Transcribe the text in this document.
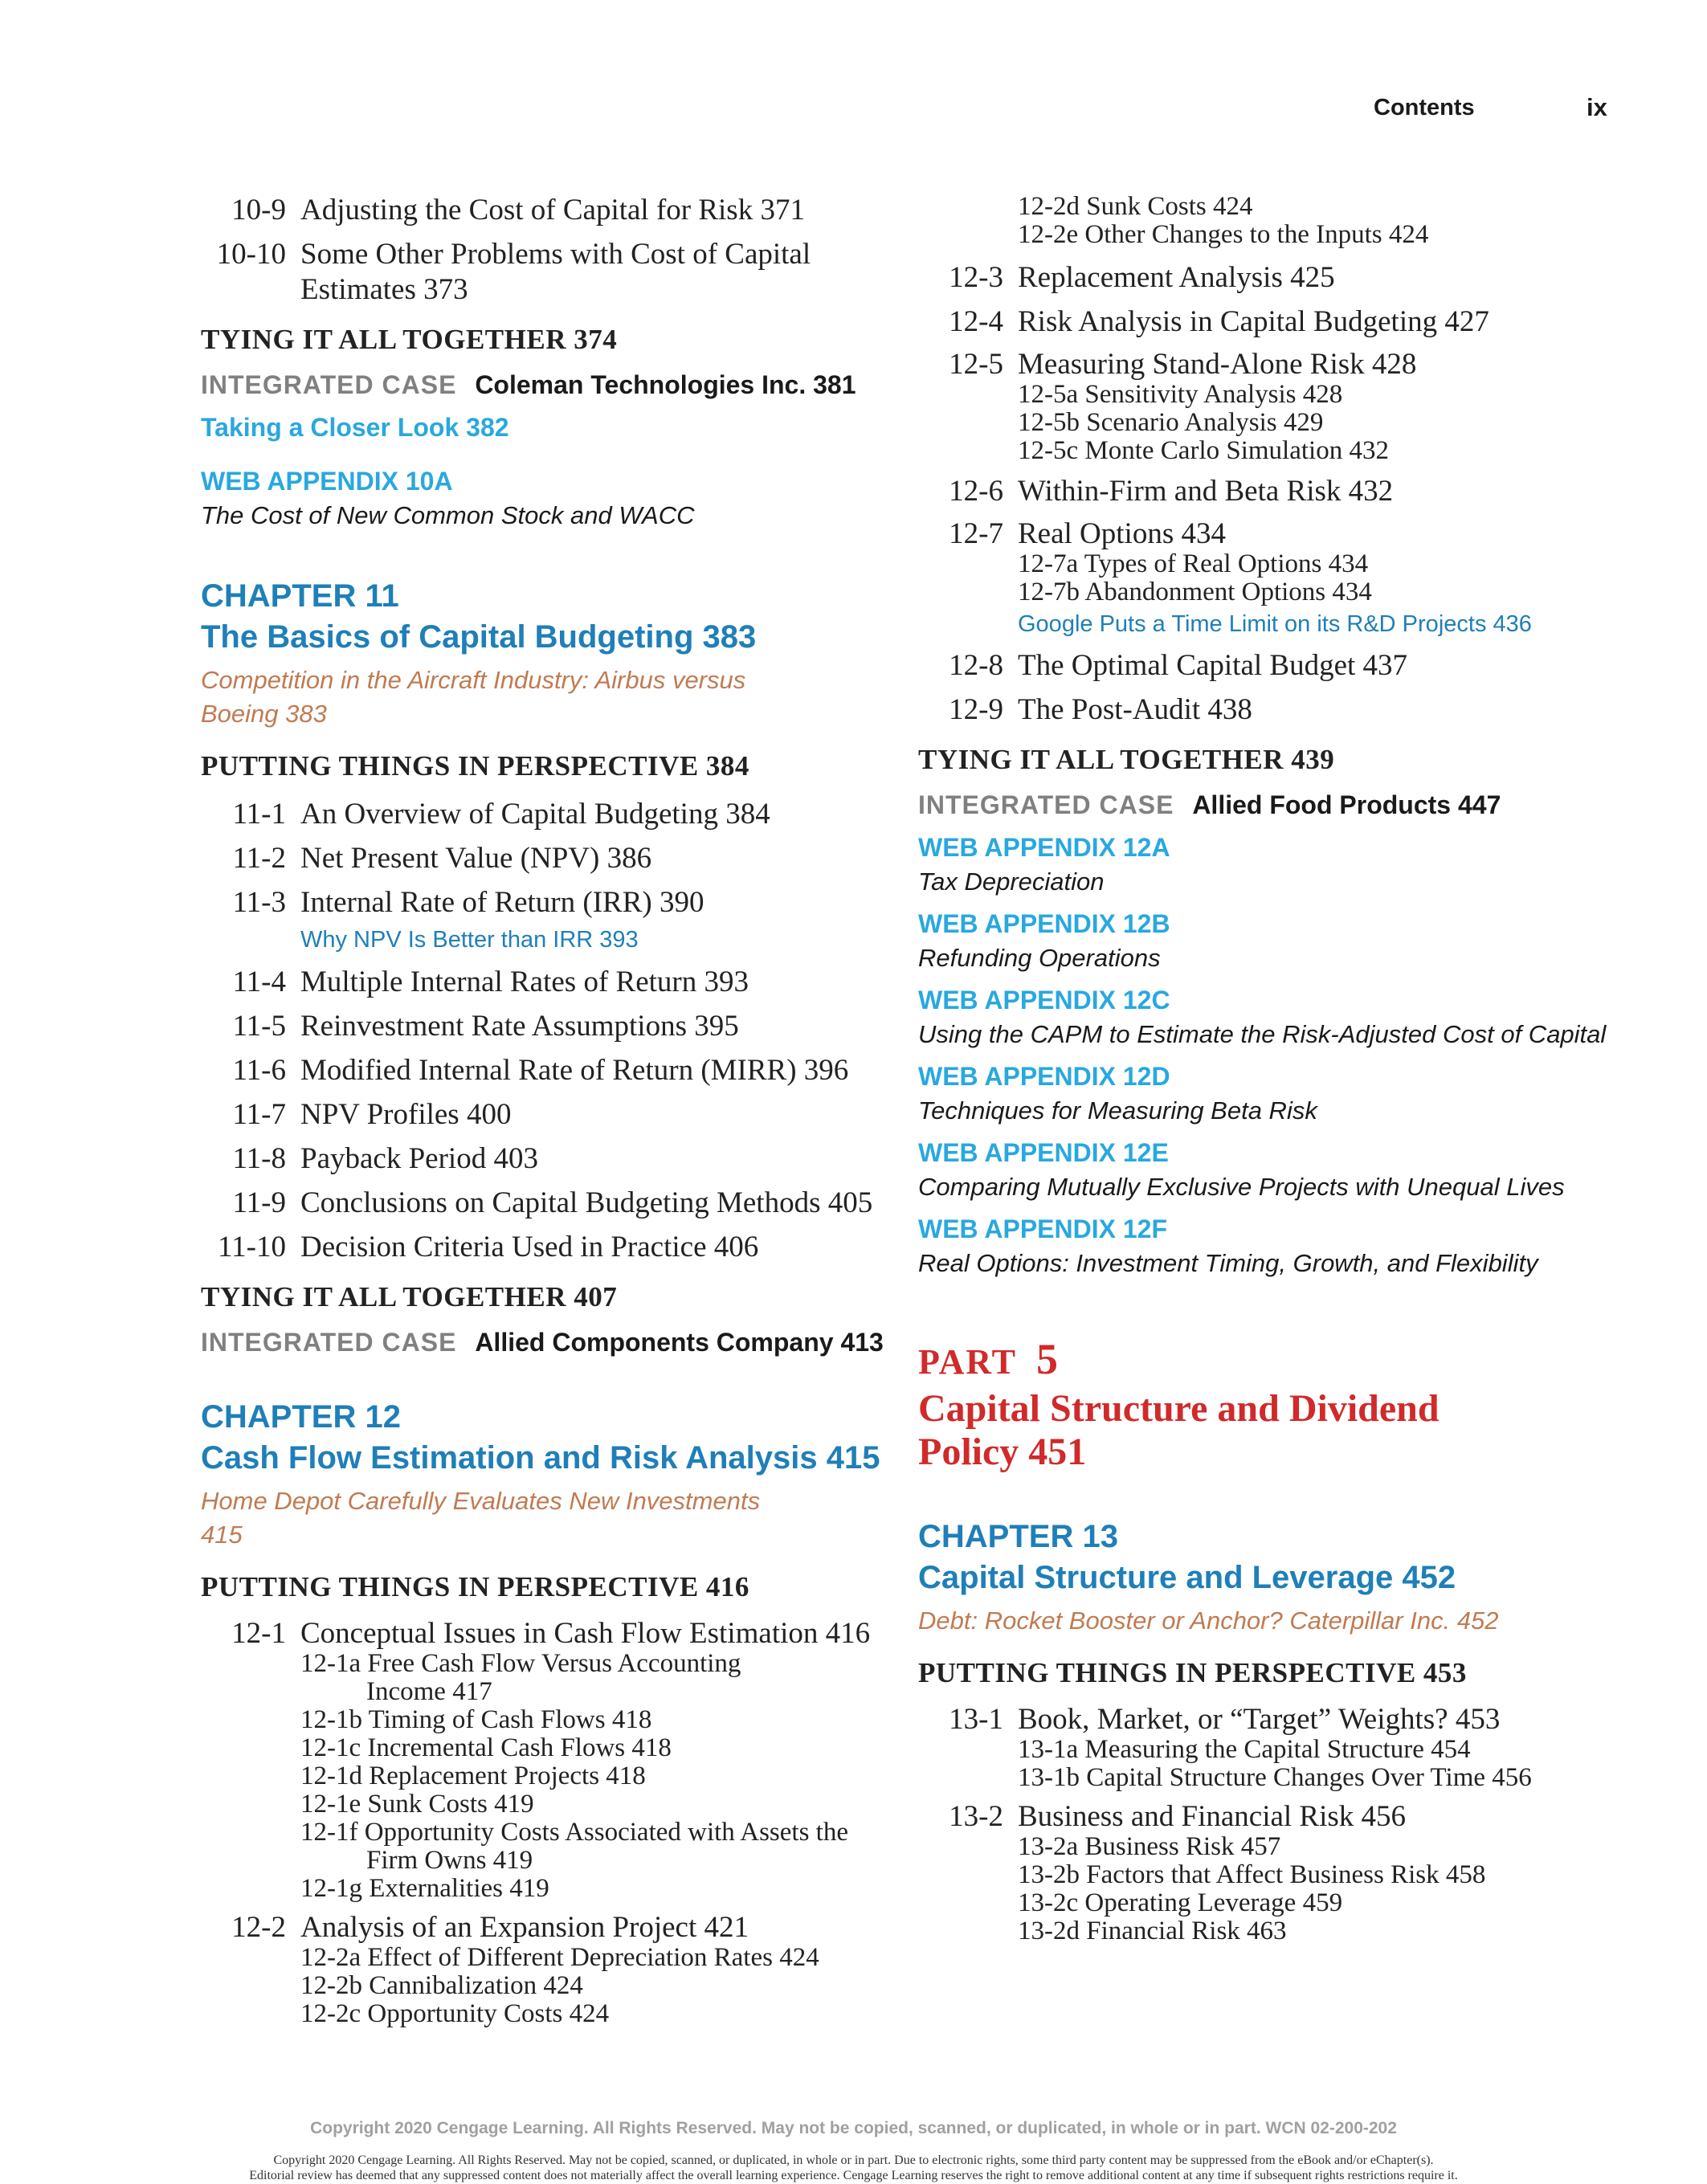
Contents	ix
10-9 Adjusting the Cost of Capital for Risk 371
10-10 Some Other Problems with Cost of Capital Estimates 373
TYING IT ALL TOGETHER 374
INTEGRATED CASE Coleman Technologies Inc. 381
Taking a Closer Look 382
WEB APPENDIX 10A
The Cost of New Common Stock and WACC
CHAPTER 11
The Basics of Capital Budgeting 383
Competition in the Aircraft Industry: Airbus versus Boeing 383
PUTTING THINGS IN PERSPECTIVE 384
11-1 An Overview of Capital Budgeting 384
11-2 Net Present Value (NPV) 386
11-3 Internal Rate of Return (IRR) 390
Why NPV Is Better than IRR 393
11-4 Multiple Internal Rates of Return 393
11-5 Reinvestment Rate Assumptions 395
11-6 Modified Internal Rate of Return (MIRR) 396
11-7 NPV Profiles 400
11-8 Payback Period 403
11-9 Conclusions on Capital Budgeting Methods 405
11-10 Decision Criteria Used in Practice 406
TYING IT ALL TOGETHER 407
INTEGRATED CASE Allied Components Company 413
CHAPTER 12
Cash Flow Estimation and Risk Analysis 415
Home Depot Carefully Evaluates New Investments 415
PUTTING THINGS IN PERSPECTIVE 416
12-1 Conceptual Issues in Cash Flow Estimation 416
12-1a Free Cash Flow Versus Accounting
Income 417
12-1b Timing of Cash Flows 418
12-1c Incremental Cash Flows 418
12-1d Replacement Projects 418
12-1e Sunk Costs 419
12-1f Opportunity Costs Associated with Assets the
Firm Owns 419
12-1g Externalities 419
12-2 Analysis of an Expansion Project 421
12-2a Effect of Different Depreciation Rates 424
12-2b Cannibalization 424
12-2c Opportunity Costs 424
12-2d Sunk Costs 424
12-2e Other Changes to the Inputs 424
12-3 Replacement Analysis 425
12-4 Risk Analysis in Capital Budgeting 427
12-5 Measuring Stand-Alone Risk 428
12-5a Sensitivity Analysis 428
12-5b Scenario Analysis 429
12-5c Monte Carlo Simulation 432
12-6 Within-Firm and Beta Risk 432
12-7 Real Options 434
12-7a Types of Real Options 434
12-7b Abandonment Options 434
Google Puts a Time Limit on its R&D Projects 436
12-8 The Optimal Capital Budget 437
12-9 The Post-Audit 438
TYING IT ALL TOGETHER 439
INTEGRATED CASE Allied Food Products 447
WEB APPENDIX 12A
Tax Depreciation
WEB APPENDIX 12B
Refunding Operations
WEB APPENDIX 12C
Using the CAPM to Estimate the Risk-Adjusted Cost of Capital
WEB APPENDIX 12D
Techniques for Measuring Beta Risk
WEB APPENDIX 12E
Comparing Mutually Exclusive Projects with Unequal Lives
WEB APPENDIX 12F
Real Options: Investment Timing, Growth, and Flexibility
PART 5
Capital Structure and Dividend Policy 451
CHAPTER 13
Capital Structure and Leverage 452
Debt: Rocket Booster or Anchor? Caterpillar Inc. 452
PUTTING THINGS IN PERSPECTIVE 453
13-1 Book, Market, or “Target” Weights? 453
13-1a Measuring the Capital Structure 454
13-1b Capital Structure Changes Over Time 456
13-2 Business and Financial Risk 456
13-2a Business Risk 457
13-2b Factors that Affect Business Risk 458
13-2c Operating Leverage 459
13-2d Financial Risk 463
Copyright 2020 Cengage Learning. All Rights Reserved. May not be copied, scanned, or duplicated, in whole or in part. WCN 02-200-202
Copyright 2020 Cengage Learning. All Rights Reserved. May not be copied, scanned, or duplicated, in whole or in part. Due to electronic rights, some third party content may be suppressed from the eBook and/or eChapter(s).
Editorial review has deemed that any suppressed content does not materially affect the overall learning experience. Cengage Learning reserves the right to remove additional content at any time if subsequent rights restrictions require it.
